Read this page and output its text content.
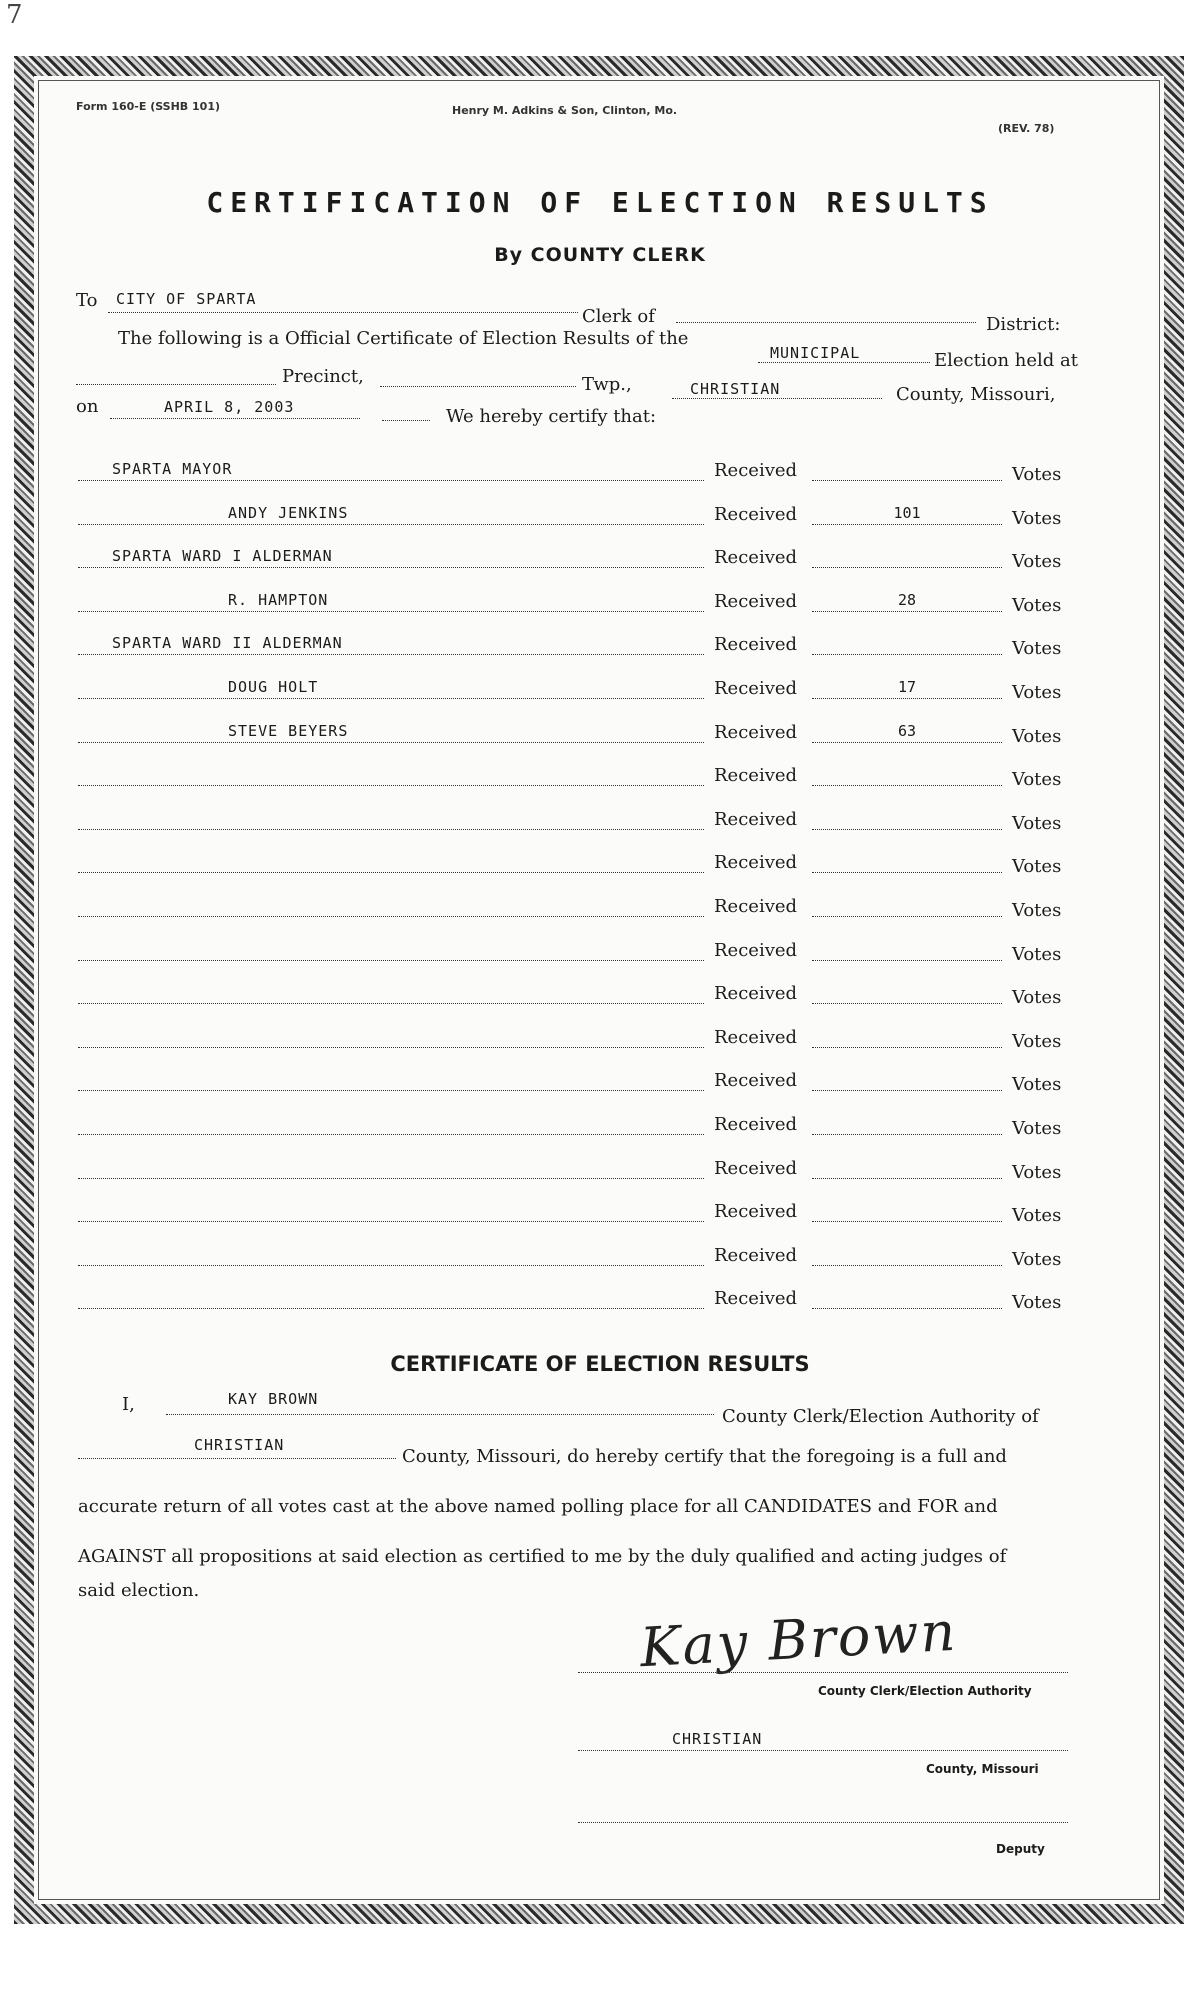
7
Form 160-E (SSHB 101)	Henry M. Adkins & Son, Clinton, Mo.
(REV. 78)
CERTIFICATION OF ELECTION RESULTS
By COUNTY CLERK
To CITY OF SPARTA
Clerk of	District:
The following is a Official Certificate of Election Results of the
MUNICIPAL	Election held at
Precinct,	Twp.,	CHRISTIAN	County, Missouri,
on	APRIL 8, 2003	We hereby certify that:
SPARTA MAYOR	Received	Votes
ANDY JENKINS	Received	101	Votes
SPARTA WARD I ALDERMAN	Received	Votes
R. HAMPTON	Received	28	Votes
SPARTA WARD II ALDERMAN	Received	Votes
DOUG HOLT	Received	17	Votes
STEVE BEYERS	Received	63	Votes
Received	Votes
Received	Votes
Received	Votes
Received	Votes
Received	Votes
Received	Votes
Received	Votes
Received	Votes
Received	Votes
Received	Votes
Received	Votes
Received	Votes
Received	Votes
CERTIFICATE OF ELECTION RESULTS
I,	KAY BROWN
County Clerk/Election Authority of
CHRISTIAN
County, Missouri, do hereby certify that the foregoing is a full and
accurate return of all votes cast at the above named polling place for all CANDIDATES and FOR and
AGAINST all propositions at said election as certified to me by the duly qualified and acting judges of
said election.
Kay Brown
County Clerk/Election Authority
CHRISTIAN
County, Missouri
Deputy
